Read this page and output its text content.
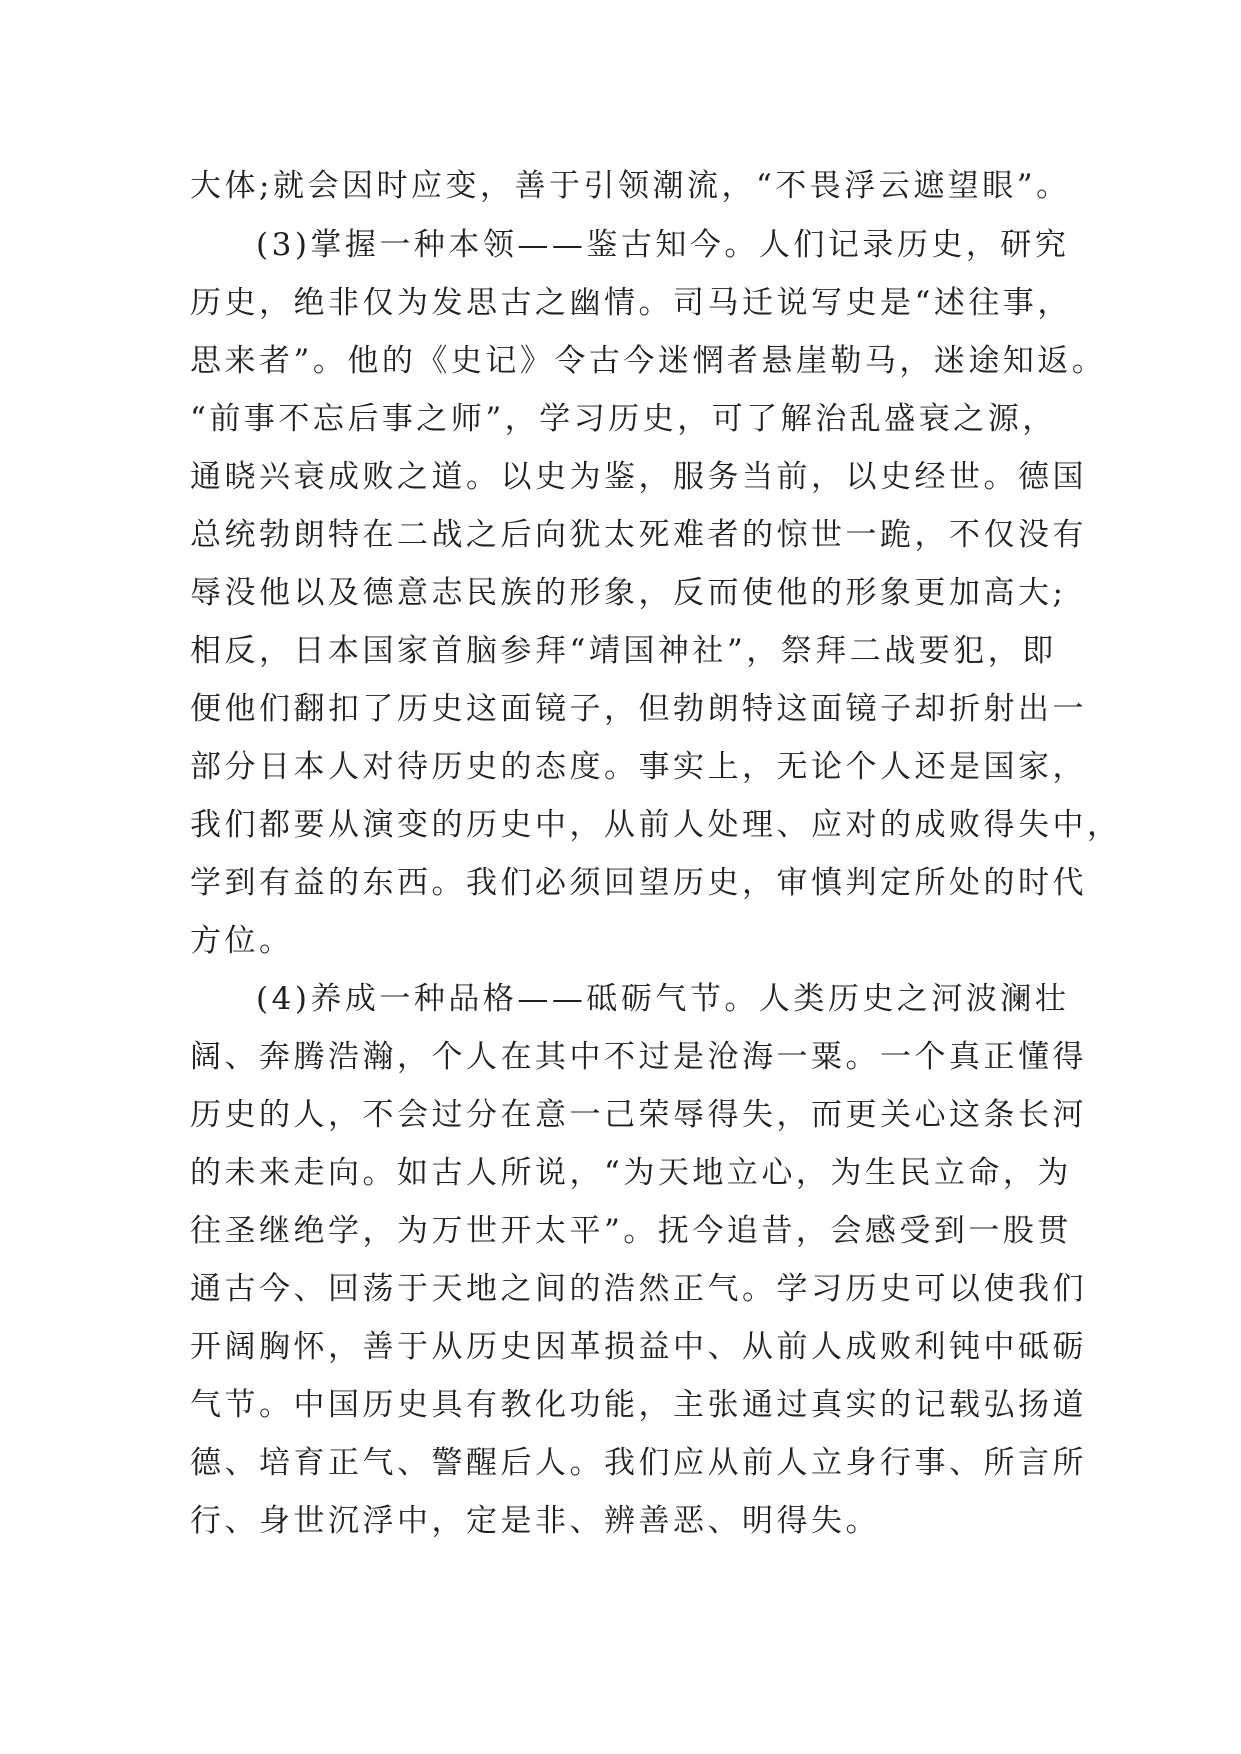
大体;就会因时应变，善于引领潮流，“不畏浮云遮望眼”。
(3)掌握一种本领——鉴古知今。人们记录历史，研究
历史，绝非仅为发思古之幽情。司马迁说写史是“述往事，
思来者”。他的《史记》令古今迷惘者悬崖勒马，迷途知返。
“前事不忘后事之师”，学习历史，可了解治乱盛衰之源，
通晓兴衰成败之道。以史为鉴，服务当前，以史经世。德国
总统勃朗特在二战之后向犹太死难者的惊世一跪，不仅没有
辱没他以及德意志民族的形象，反而使他的形象更加高大;
相反，日本国家首脑参拜“靖国神社”，祭拜二战要犯，即
便他们翻扣了历史这面镜子，但勃朗特这面镜子却折射出一
部分日本人对待历史的态度。事实上，无论个人还是国家，
我们都要从演变的历史中，从前人处理、应对的成败得失中，
学到有益的东西。我们必须回望历史，审慎判定所处的时代
方位。
(4)养成一种品格——砥砺气节。人类历史之河波澜壮
阔、奔腾浩瀚，个人在其中不过是沧海一粟。一个真正懂得
历史的人，不会过分在意一己荣辱得失，而更关心这条长河
的未来走向。如古人所说，“为天地立心，为生民立命，为
往圣继绝学，为万世开太平”。抚今追昔，会感受到一股贯
通古今、回荡于天地之间的浩然正气。学习历史可以使我们
开阔胸怀，善于从历史因革损益中、从前人成败利钝中砥砺
气节。中国历史具有教化功能，主张通过真实的记载弘扬道
德、培育正气、警醒后人。我们应从前人立身行事、所言所
行、身世沉浮中，定是非、辨善恶、明得失。
